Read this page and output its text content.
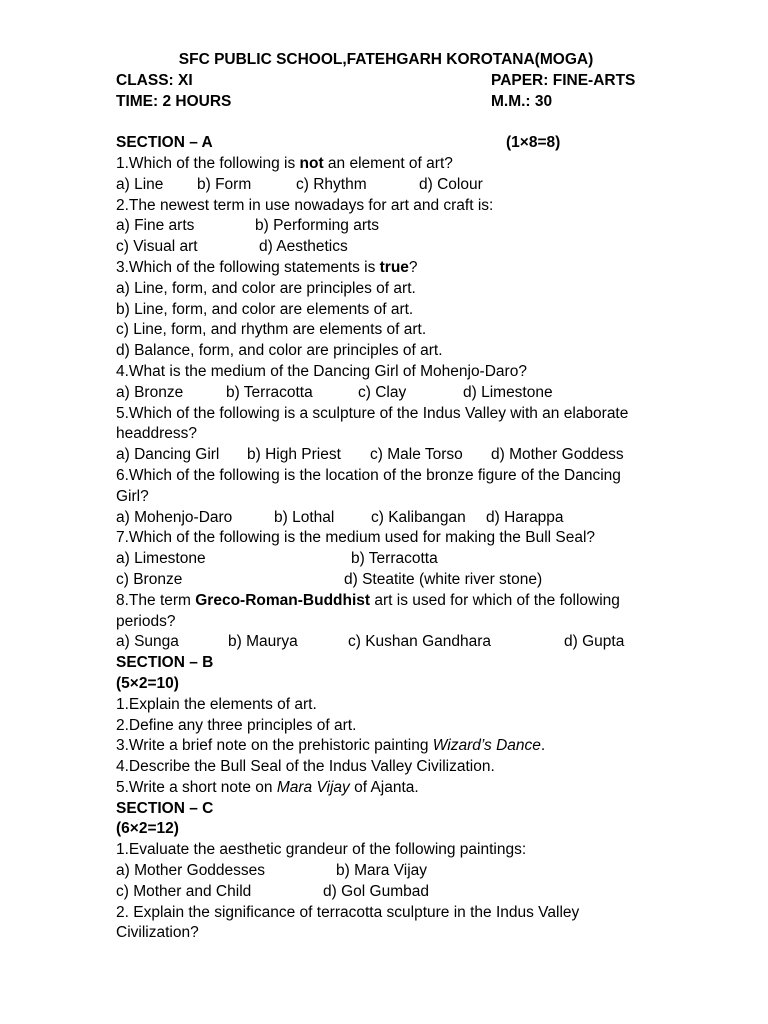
SFC PUBLIC SCHOOL,FATEHGARH KOROTANA(MOGA)
CLASS: XI	PAPER: FINE-ARTS
TIME: 2 HOURS	M.M.: 30
SECTION – A	(1×8=8)
1.Which of the following is not an element of art?
a) Line b) Form	c) Rhythm	d) Colour
2.The newest term in use nowadays for art and craft is:
a) Fine arts	b) Performing arts
c) Visual art	d) Aesthetics
3.Which of the following statements is true?
a) Line, form, and color are principles of art.
b) Line, form, and color are elements of art.
c) Line, form, and rhythm are elements of art.
d) Balance, form, and color are principles of art.
4.What is the medium of the Dancing Girl of Mohenjo-Daro?
a) Bronze	b) Terracotta	c) Clay	d) Limestone
5.Which of the following is a sculpture of the Indus Valley with an elaborate headdress?
a) Dancing Girl b) High Priest c) Male Torso d) Mother Goddess
6.Which of the following is the location of the bronze figure of the Dancing Girl?
a) Mohenjo-Daro	b) Lothal c) Kalibangan d) Harappa
7.Which of the following is the medium used for making the Bull Seal?
a) Limestone	b) Terracotta
c) Bronze	d) Steatite (white river stone)
8.The term Greco-Roman-Buddhist art is used for which of the following periods?
a) Sunga	b) Maurya	c) Kushan Gandhara	d) Gupta
SECTION – B
(5×2=10)
1.Explain the elements of art.
2.Define any three principles of art.
3.Write a brief note on the prehistoric painting Wizard’s Dance.
4.Describe the Bull Seal of the Indus Valley Civilization.
5.Write a short note on Mara Vijay of Ajanta.
SECTION – C
(6×2=12)
1.Evaluate the aesthetic grandeur of the following paintings:
a) Mother Goddesses	b) Mara Vijay
c) Mother and Child	d) Gol Gumbad
2. Explain the significance of terracotta sculpture in the Indus Valley Civilization?
